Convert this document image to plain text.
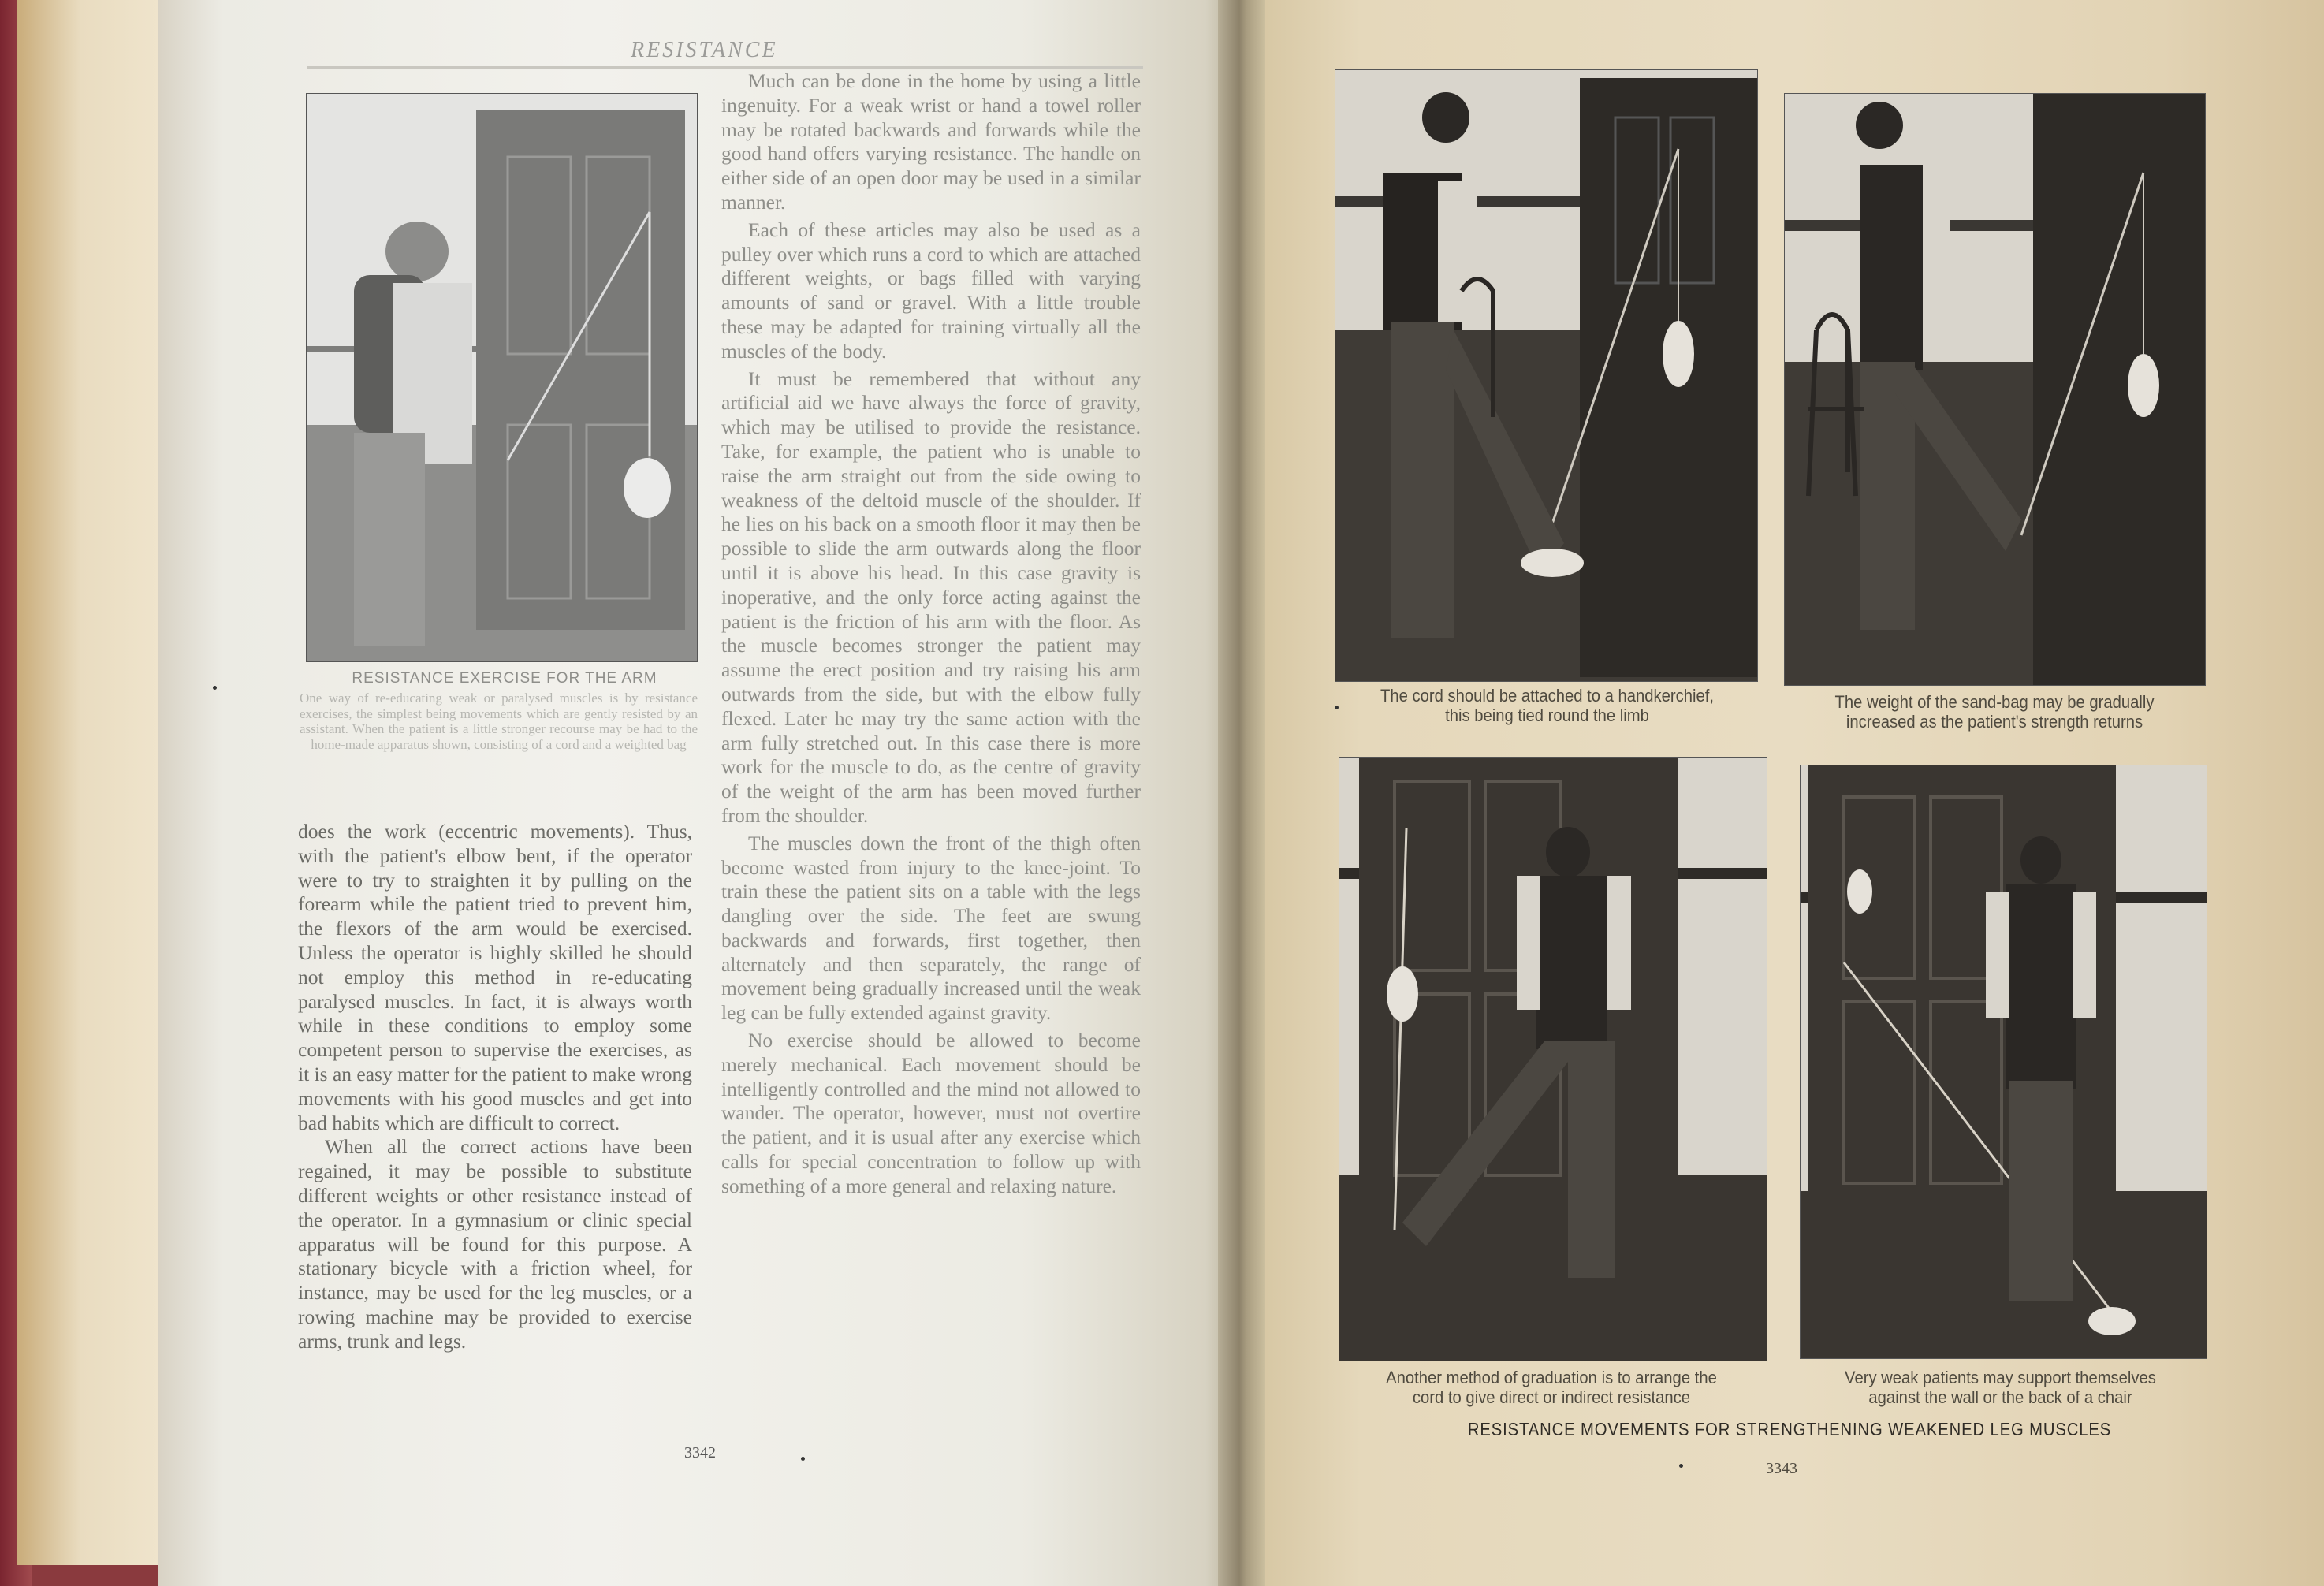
RESISTANCE
RESISTANCE EXERCISE FOR THE ARM
One way of re-educating weak or paralysed muscles is by resistance exercises, the simplest being movements which are gently resisted by an assistant. When the patient is a little stronger recourse may be had to the home-made apparatus shown, consisting of a cord and a weighted bag

does the work (eccentric movements). Thus, with the patient's elbow bent, if the operator were to try to straighten it by pulling on the forearm while the patient tried to prevent him, the flexors of the arm would be exercised. Unless the operator is highly skilled he should not employ this method in re-educating paralysed muscles. In fact, it is always worth while in these conditions to employ some competent person to supervise the exercises, as it is an easy matter for the patient to make wrong movements with his good muscles and get into bad habits which are difficult to correct.

When all the correct actions have been regained, it may be possible to substitute different weights or other resistance instead of the operator. In a gymnasium or clinic special apparatus will be found for this purpose. A stationary bicycle with a friction wheel, for instance, may be used for the leg muscles, or a rowing machine may be provided to exercise arms, trunk and legs.

Much can be done in the home by using a little ingenuity. For a weak wrist or hand a towel roller may be rotated backwards and forwards while the good hand offers varying resistance. The handle on either side of an open door may be used in a similar manner.

Each of these articles may also be used as a pulley over which runs a cord to which are attached different weights, or bags filled with varying amounts of sand or gravel. With a little trouble these may be adapted for training virtually all the muscles of the body.

It must be remembered that without any artificial aid we have always the force of gravity, which may be utilised to provide the resistance. Take, for example, the patient who is unable to raise the arm straight out from the side owing to weakness of the deltoid muscle of the shoulder. If he lies on his back on a smooth floor it may then be possible to slide the arm outwards along the floor until it is above his head. In this case gravity is inoperative, and the only force acting against the patient is the friction of his arm with the floor. As the muscle becomes stronger the patient may assume the erect position and try raising his arm outwards from the side, but with the elbow fully flexed. Later he may try the same action with the arm fully stretched out. In this case there is more work for the muscle to do, as the centre of gravity of the weight of the arm has been moved further from the shoulder.

The muscles down the front of the thigh often become wasted from injury to the knee-joint. To train these the patient sits on a table with the legs dangling over the side. The feet are swung backwards and forwards, first together, then alternately and then separately, the range of movement being gradually increased until the weak leg can be fully extended against gravity.

No exercise should be allowed to become merely mechanical. Each movement should be intelligently controlled and the mind not allowed to wander. The operator, however, must not overtire the patient, and it is usual after any exercise which calls for special concentration to follow up with something of a more general and relaxing nature.

3342
The cord should be attached to a handkerchief,
this being tied round the limb
The weight of the sand-bag may be gradually
increased as the patient's strength returns
Another method of graduation is to arrange the
cord to give direct or indirect resistance
Very weak patients may support themselves
against the wall or the back of a chair
RESISTANCE MOVEMENTS FOR STRENGTHENING WEAKENED LEG MUSCLES
3343
